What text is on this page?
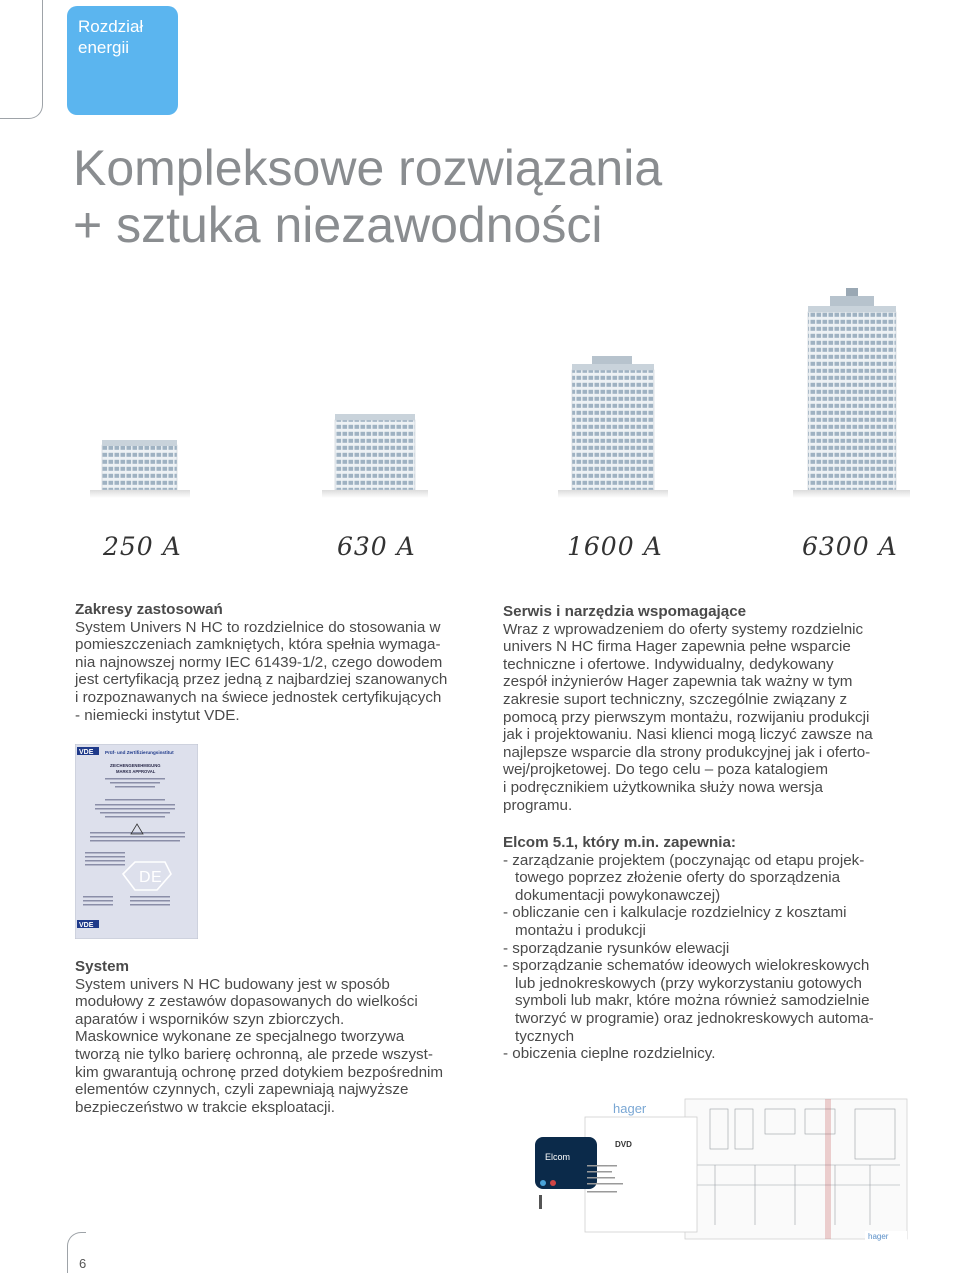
Rozdział
energii
Kompleksowe rozwiązania
+ sztuka niezawodności
250 A	630 A	1600 A	6300 A

Zakresy zastosowań

System Univers N HC to rozdzielnice do stosowania w
pomieszczeniach zamkniętych, która spełnia wymaga-
nia najnowszej normy IEC 61439-1/2, czego dowodem
jest certyfikacją przez jedną z najbardziej szanowanych
i rozpoznawanych na świece jednostek certyfikujących
- niemiecki instytut VDE.

VDE	Prüf- und Zertifizierungsinstitut
ZEICHENGENEHMIGUNG
MARKS APPROVAL
D E
VDE

System

System univers N HC budowany jest w sposób
modułowy z zestawów dopasowanych do wielkości
aparatów i wsporników szyn zbiorczych.
Maskownice wykonane ze specjalnego tworzywa
tworzą nie tylko barierę ochronną, ale przede wszyst-
kim gwarantują ochronę przed dotykiem bezpośrednim
elementów czynnych, czyli zapewniają najwyższe
bezpieczeństwo w trakcie eksploatacji.

Serwis i narzędzia wspomagające

Wraz z wprowadzeniem do oferty systemy rozdzielnic
univers N HC firma Hager zapewnia pełne wsparcie
techniczne i ofertowe. Indywidualny, dedykowany
zespół inżynierów Hager zapewnia tak ważny w tym
zakresie suport techniczny, szczególnie związany z
pomocą przy pierwszym montażu, rozwijaniu produkcji
jak i projektowaniu. Nasi klienci mogą liczyć zawsze na
najlepsze wsparcie dla strony produkcyjnej jak i oferto-
wej/projketowej. Do tego celu – poza katalogiem
i podręcznikiem użytkownika służy nowa wersja
programu.

Elcom 5.1, który m.in. zapewnia:

- zarządzanie projektem (poczynając od etapu projek-
towego poprzez złożenie oferty do sporządzenia
dokumentacji powykonawczej)
- obliczanie cen i kalkulacje rozdzielnicy z kosztami
montażu i produkcji
- sporządzanie rysunków elewacji
- sporządzanie schematów ideowych wielokreskowych
lub jednokreskowych (przy wykorzystaniu gotowych
symboli lub makr, które można również samodzielnie
tworzyć w programie) oraz jednokreskowych automa-
tycznych
- obiczenia cieplne rozdzielnicy.
hager
Elcom
DVD
hager
6
